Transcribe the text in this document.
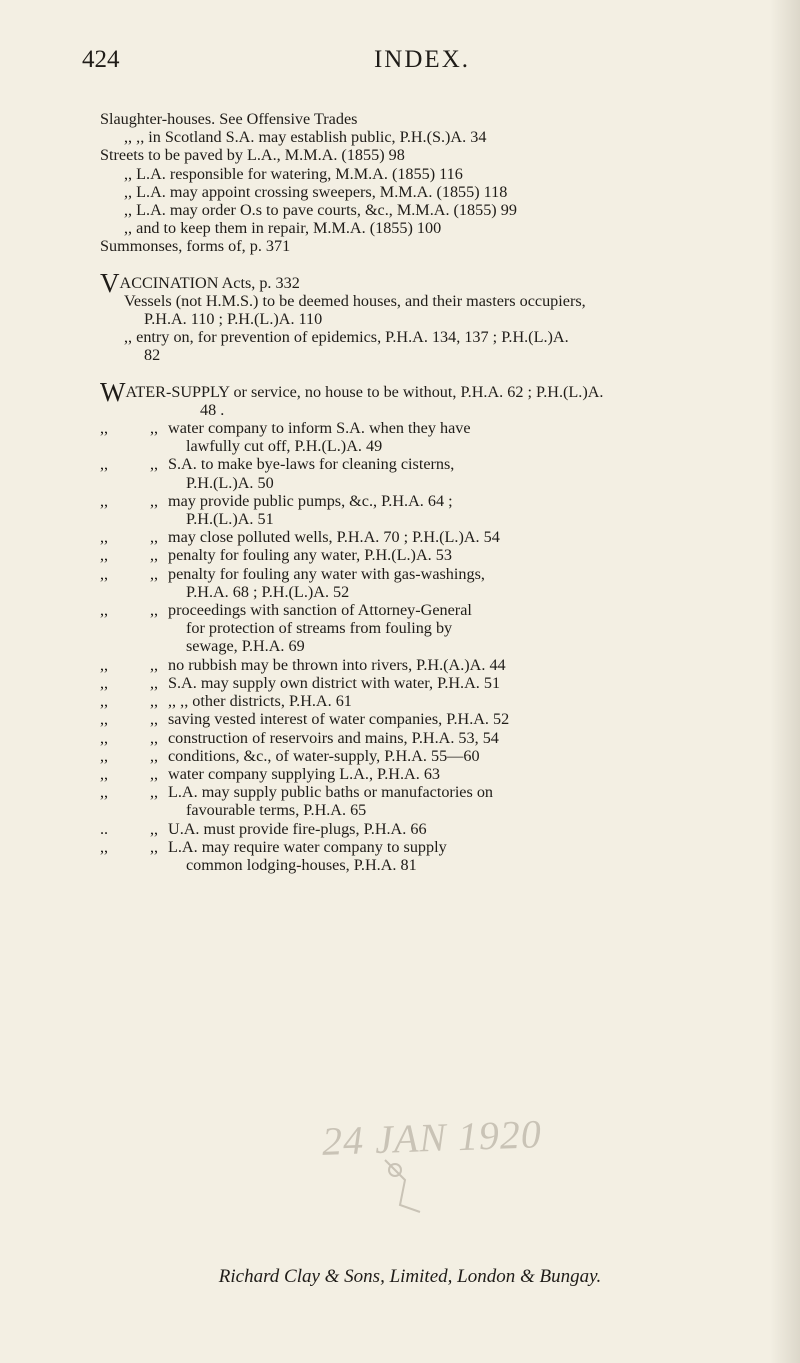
424	INDEX.
Slaughter-houses. See Offensive Trades
,, ,, in Scotland S.A. may establish public, P.H.(S.)A. 34
Streets to be paved by L.A., M.M.A. (1855) 98
,, L.A. responsible for watering, M.M.A. (1855) 116
,, L.A. may appoint crossing sweepers, M.M.A. (1855) 118
,, L.A. may order O.s to pave courts, &c., M.M.A. (1855) 99
,, and to keep them in repair, M.M.A. (1855) 100
Summonses, forms of, p. 371
VACCINATION Acts, p. 332
Vessels (not H.M.S.) to be deemed houses, and their masters occupiers,
P.H.A. 110 ; P.H.(L.)A. 110
,, entry on, for prevention of epidemics, P.H.A. 134, 137 ; P.H.(L.)A.
82
WATER-SUPPLY or service, no house to be without, P.H.A. 62 ; P.H.(L.)A.
48 .
,,	,, water company to inform S.A. when they have
lawfully cut off, P.H.(L.)A. 49
,,	,, S.A. to make bye-laws for cleaning cisterns,
P.H.(L.)A. 50
,,	,, may provide public pumps, &c., P.H.A. 64 ;
P.H.(L.)A. 51
,,	,, may close polluted wells, P.H.A. 70 ; P.H.(L.)A. 54
,,	,, penalty for fouling any water, P.H.(L.)A. 53
,,	,, penalty for fouling any water with gas-washings,
P.H.A. 68 ; P.H.(L.)A. 52
,,	,, proceedings with sanction of Attorney-General
for protection of streams from fouling by
sewage, P.H.A. 69
,,	,, no rubbish may be thrown into rivers, P.H.(A.)A. 44
,,	,, S.A. may supply own district with water, P.H.A. 51
,,	,, ,, ,, other districts, P.H.A. 61
,,	,, saving vested interest of water companies, P.H.A. 52
,,	,, construction of reservoirs and mains, P.H.A. 53, 54
,,	,, conditions, &c., of water-supply, P.H.A. 55—60
,,	,, water company supplying L.A., P.H.A. 63
,,	,, L.A. may supply public baths or manufactories on
favourable terms, P.H.A. 65
..	,, U.A. must provide fire-plugs, P.H.A. 66
,,	,, L.A. may require water company to supply
common lodging-houses, P.H.A. 81
24 JAN 1920
Richard Clay & Sons, Limited, London & Bungay.
